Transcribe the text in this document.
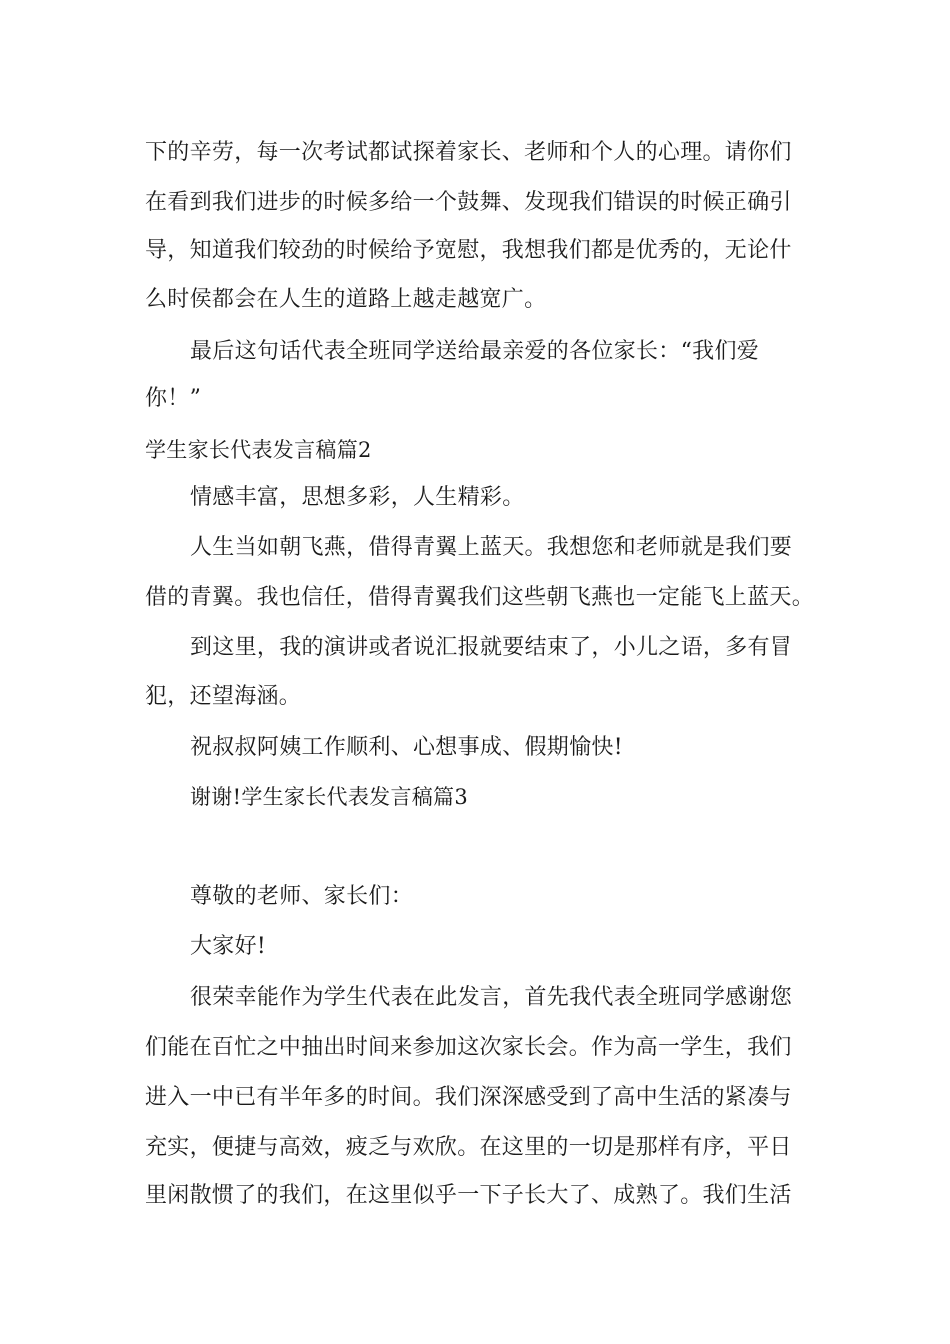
下的辛劳，每一次考试都试探着家长、老师和个人的心理。请你们
在看到我们进步的时候多给一个鼓舞、发现我们错误的时候正确引
导，知道我们较劲的时候给予宽慰，我想我们都是优秀的，无论什
么时侯都会在人生的道路上越走越宽广。
最后这句话代表全班同学送给最亲爱的各位家长：“我们爱
你！”
学生家长代表发言稿篇2
情感丰富，思想多彩，人生精彩。
人生当如朝飞燕，借得青翼上蓝天。我想您和老师就是我们要
借的青翼。我也信任，借得青翼我们这些朝飞燕也一定能飞上蓝天。
到这里，我的演讲或者说汇报就要结束了，小儿之语，多有冒
犯，还望海涵。
祝叔叔阿姨工作顺利、心想事成、假期愉快!
谢谢!学生家长代表发言稿篇3
尊敬的老师、家长们：
大家好!
很荣幸能作为学生代表在此发言，首先我代表全班同学感谢您
们能在百忙之中抽出时间来参加这次家长会。作为高一学生，我们
进入一中已有半年多的时间。我们深深感受到了高中生活的紧凑与
充实，便捷与高效，疲乏与欢欣。在这里的一切是那样有序，平日
里闲散惯了的我们，在这里似乎一下子长大了、成熟了。我们生活
